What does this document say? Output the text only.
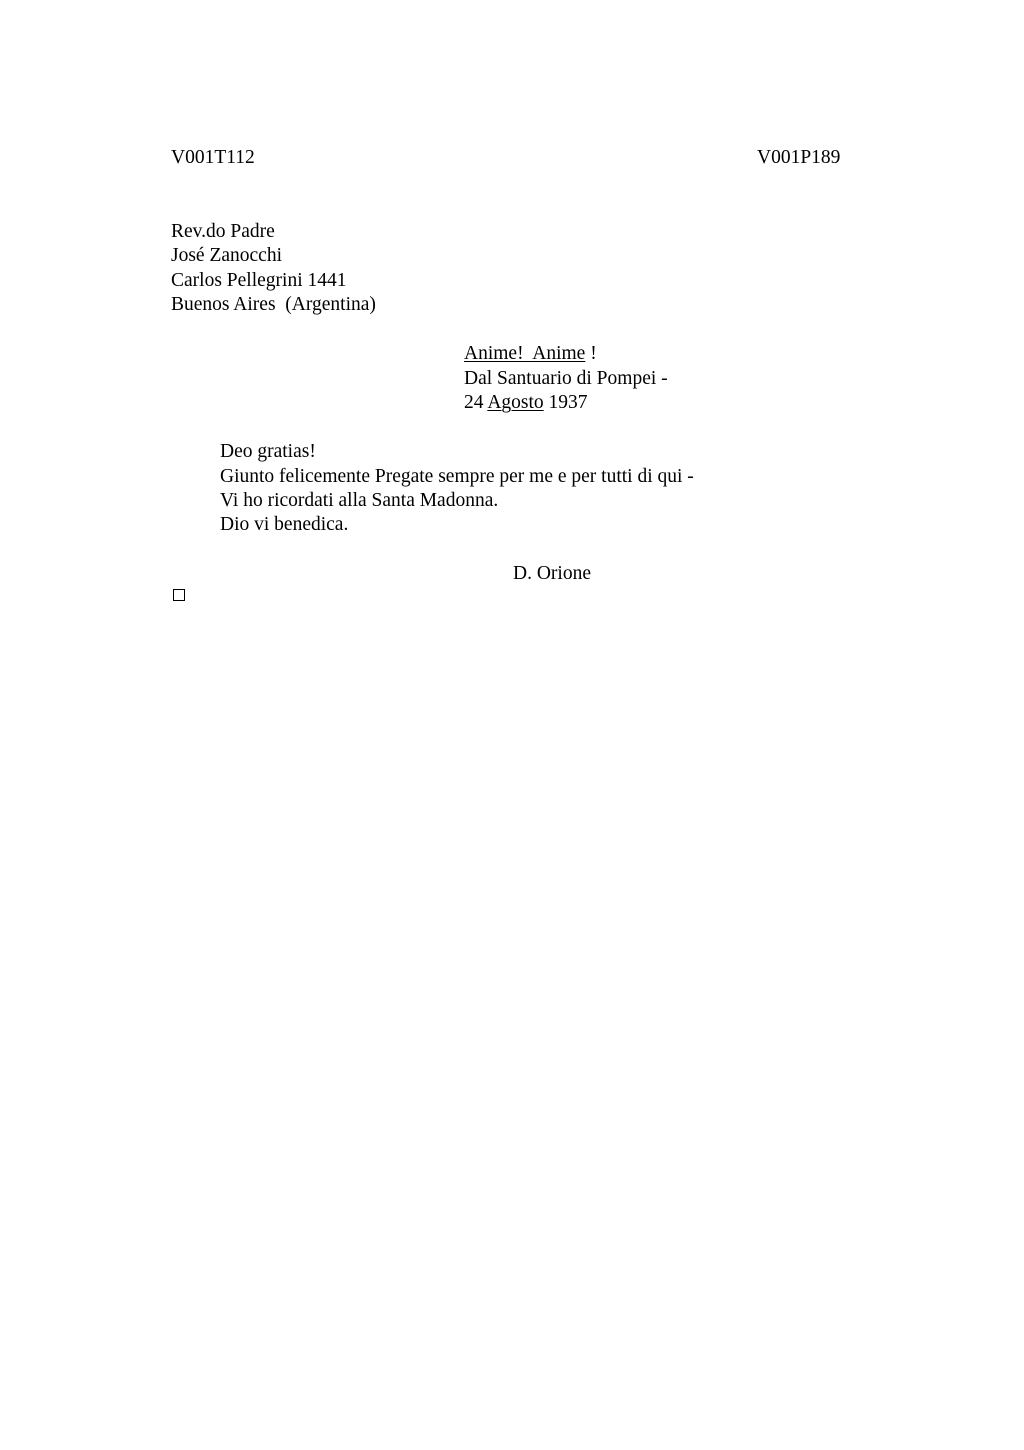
V001T112	V001P189
Rev.do Padre
José Zanocchi
Carlos Pellegrini 1441
Buenos Aires  (Argentina)
Anime!  Anime !
Dal Santuario di Pompei -
24 Agosto 1937
Deo gratias!
Giunto felicemente Pregate sempre per me e per tutti di qui -
Vi ho ricordati alla Santa Madonna.
Dio vi benedica.
D. Orione
